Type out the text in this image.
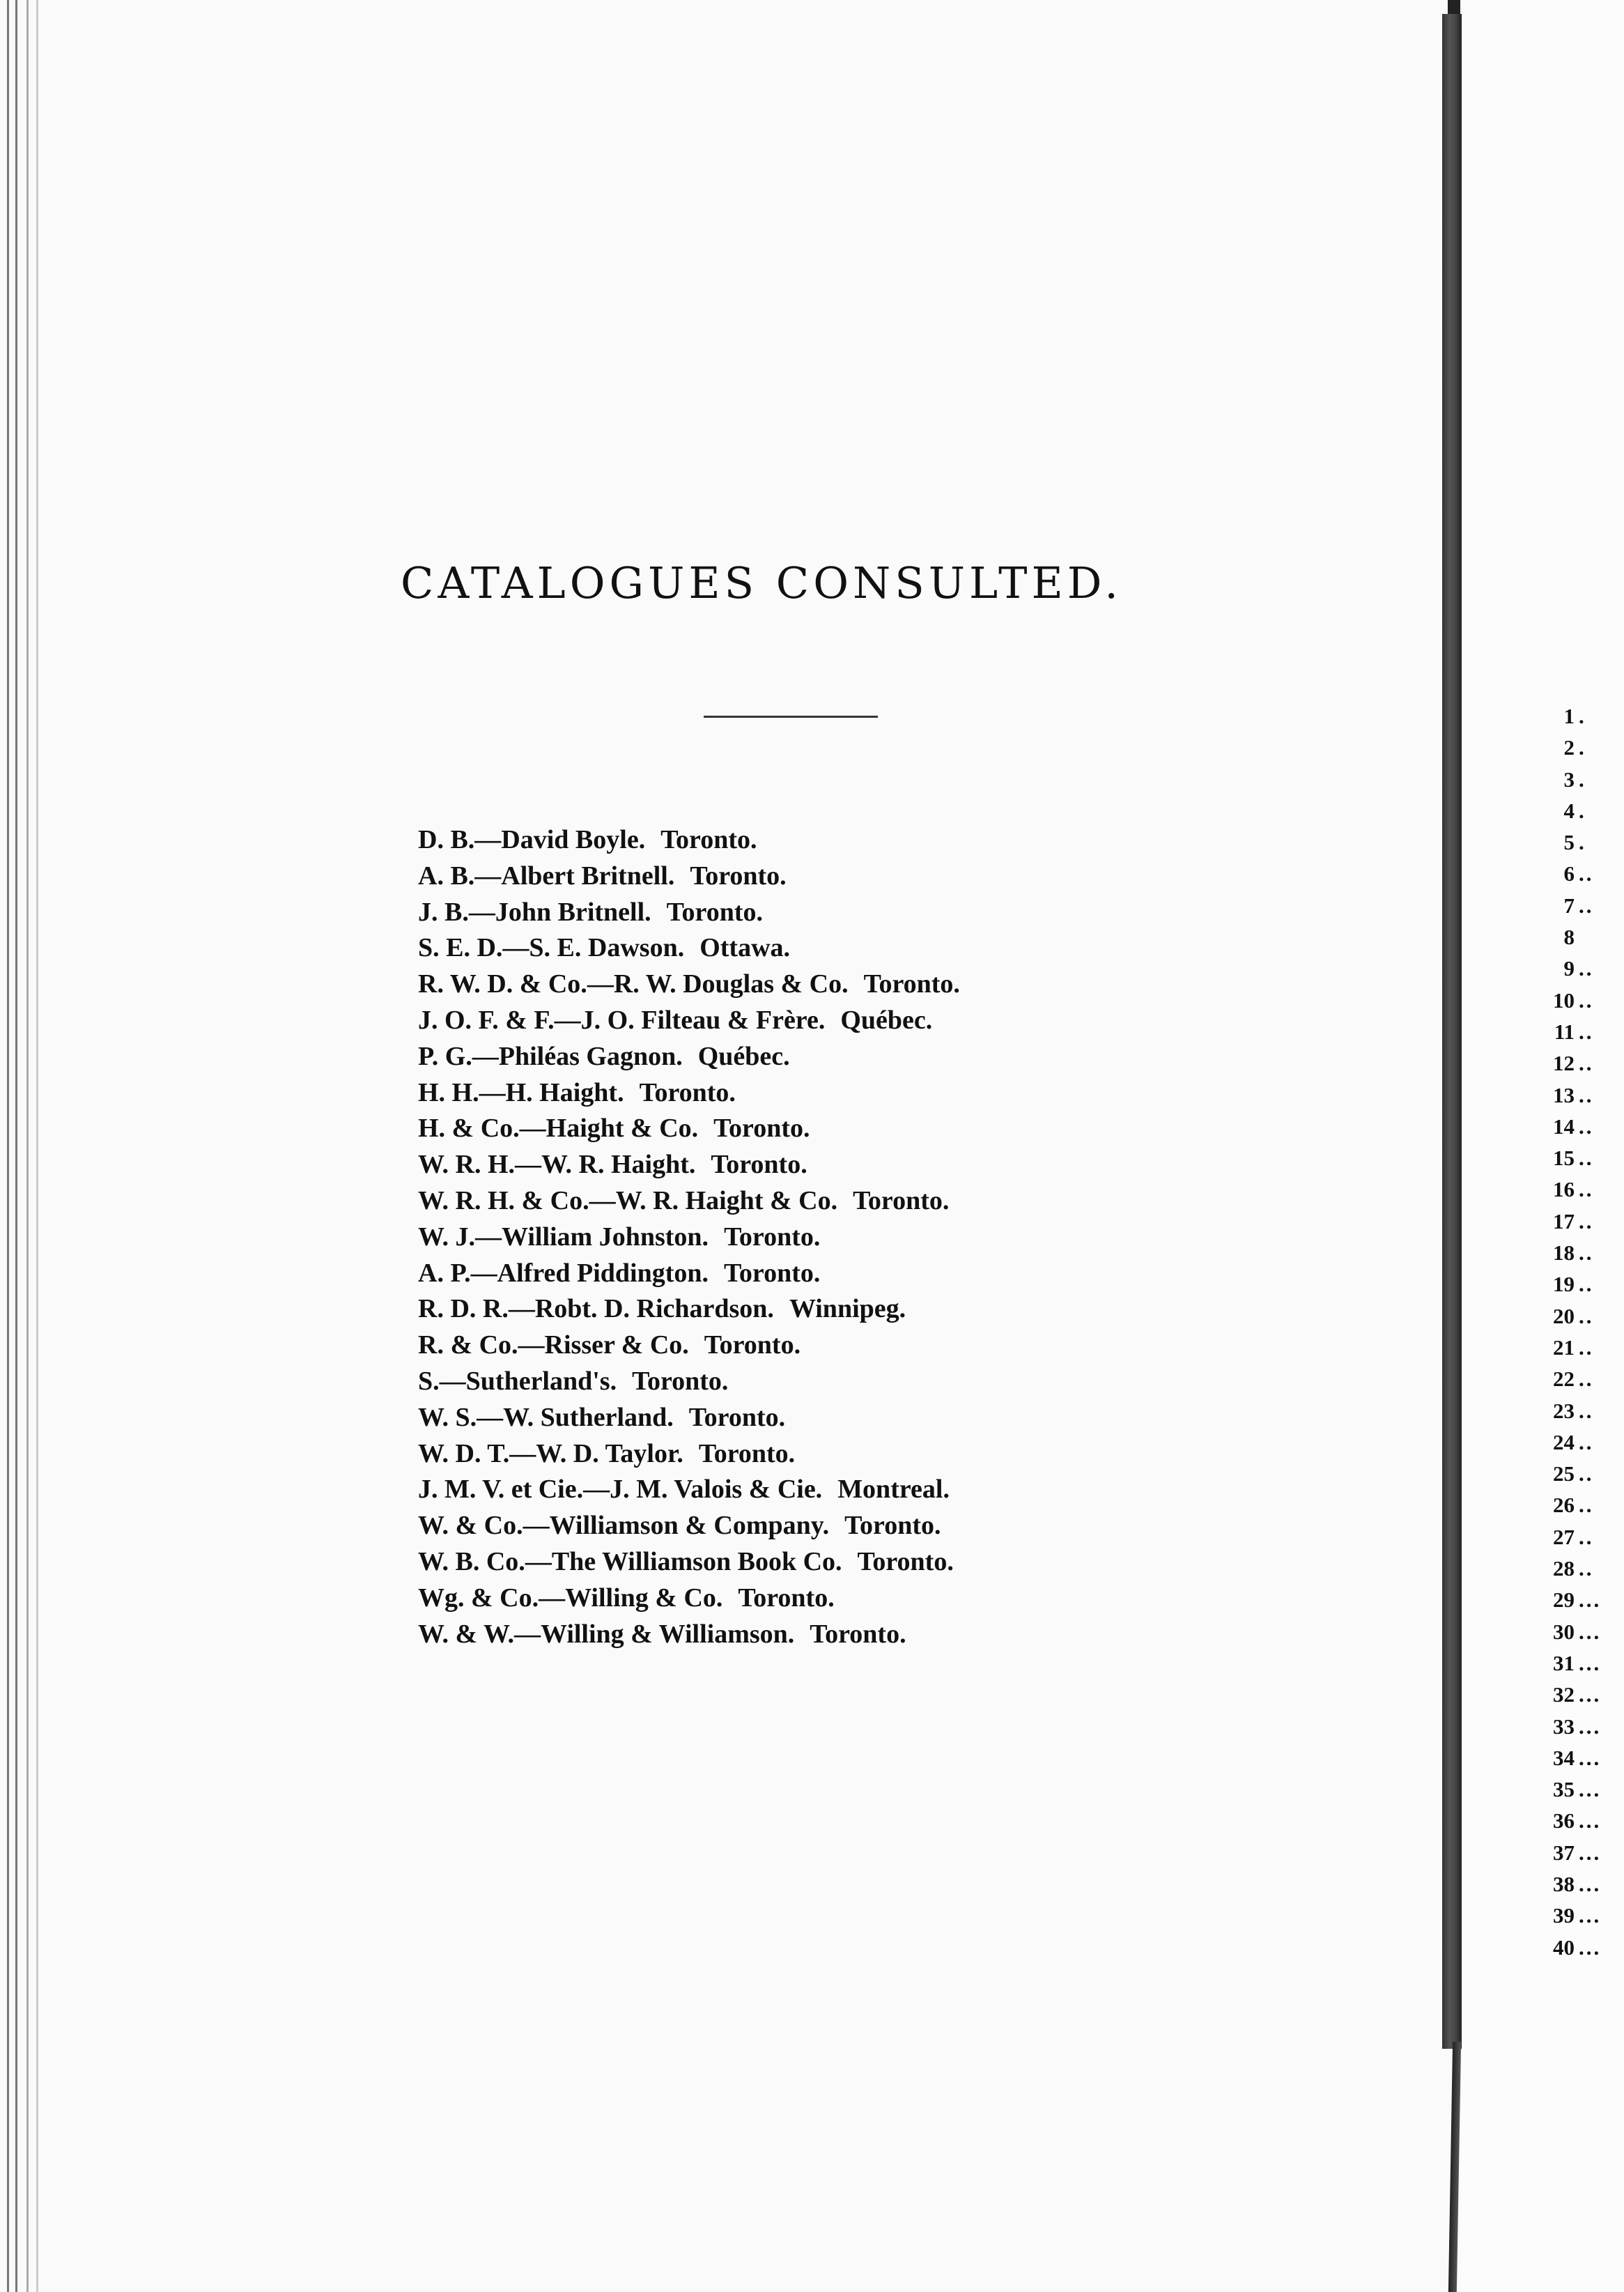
CATALOGUES CONSULTED.
D. B.—David Boyle. Toronto.
A. B.—Albert Britnell. Toronto.
J. B.—John Britnell. Toronto.
S. E. D.—S. E. Dawson. Ottawa.
R. W. D. & Co.—R. W. Douglas & Co. Toronto.
J. O. F. & F.—J. O. Filteau & Frère. Québec.
P. G.—Philéas Gagnon. Québec.
H. H.—H. Haight. Toronto.
H. & Co.—Haight & Co. Toronto.
W. R. H.—W. R. Haight. Toronto.
W. R. H. & Co.—W. R. Haight & Co. Toronto.
W. J.—William Johnston. Toronto.
A. P.—Alfred Piddington. Toronto.
R. D. R.—Robt. D. Richardson. Winnipeg.
R. & Co.—Risser & Co. Toronto.
S.—Sutherland's. Toronto.
W. S.—W. Sutherland. Toronto.
W. D. T.—W. D. Taylor. Toronto.
J. M. V. et Cie.—J. M. Valois & Cie. Montreal.
W. & Co.—Williamson & Company. Toronto.
W. B. Co.—The Williamson Book Co. Toronto.
Wg. & Co.—Willing & Co. Toronto.
W. & W.—Willing & Williamson. Toronto.
1 .
2 .
3 .
4 .
5 .
6 ..
7 ..
8
9 ..
10 ..
11 ..
12 ..
13 ..
14 ..
15 ..
16 ..
17 ..
18 ..
19 ..
20 ..
21 ..
22 ..
23 ..
24 ..
25 ..
26 ..
27 ..
28 ..
29 ...
30 ...
31 ...
32 ...
33 ...
34 ...
35 ...
36 ...
37 ...
38 ...
39 ...
40 ...
